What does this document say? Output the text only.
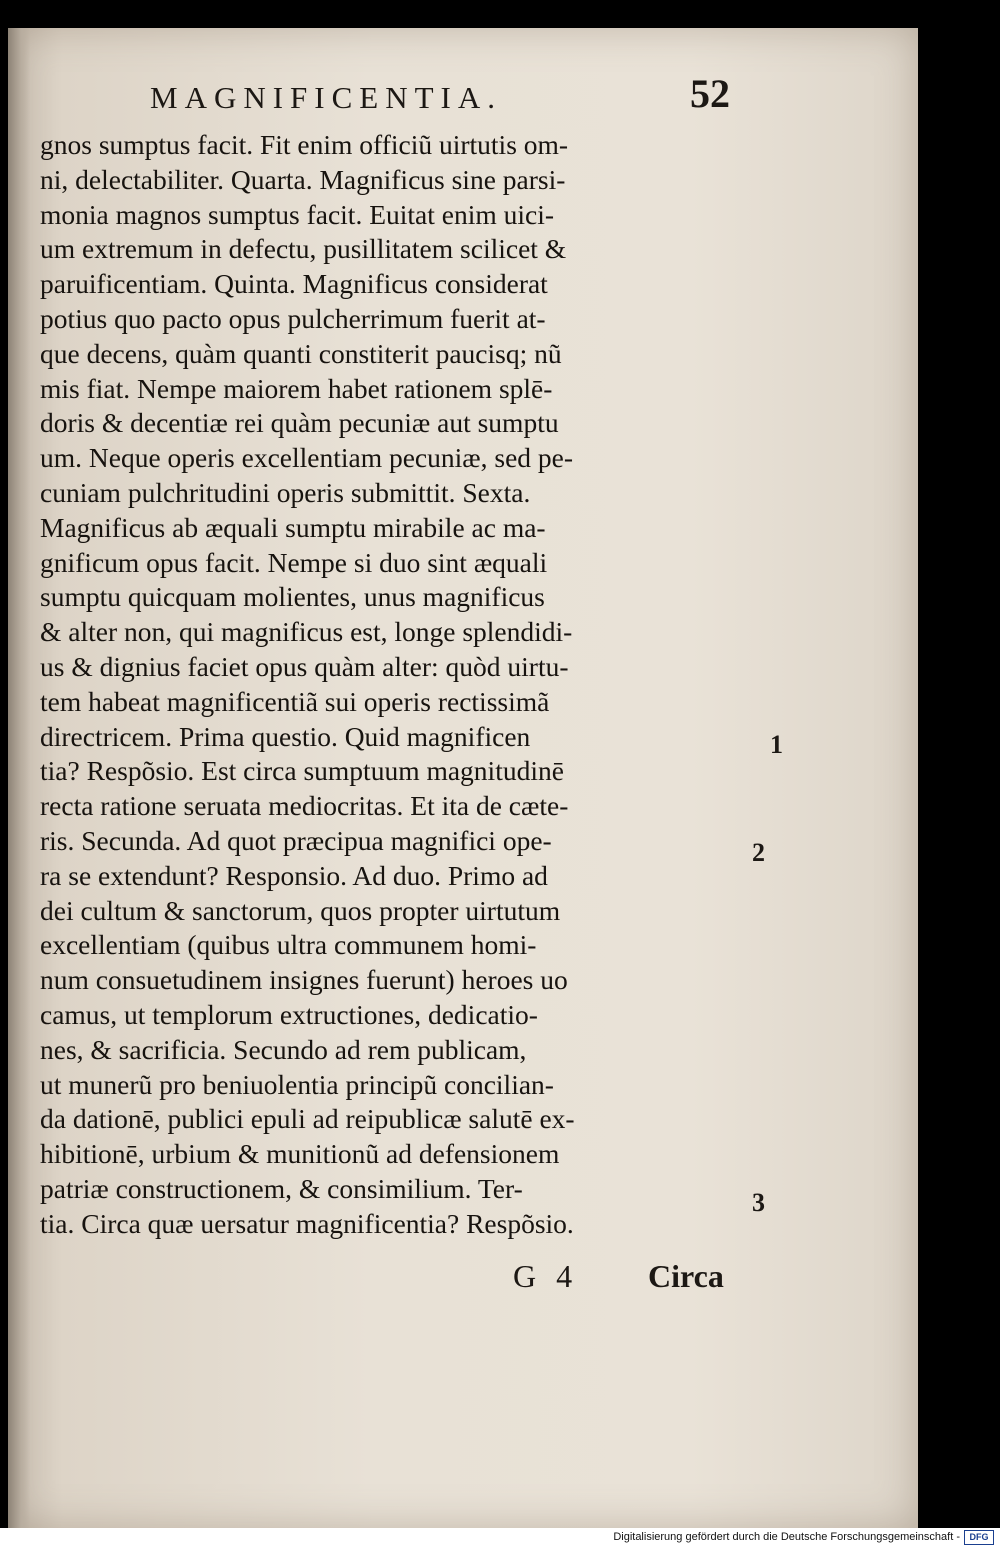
MAGNIFICENTIA.	52
gnos sumptus facit. Fit enim officiũ uirtutis om-
ni, delectabiliter. Quarta. Magnificus sine parsi-
monia magnos sumptus facit. Euitat enim uici-
um extremum in defectu, pusillitatem scilicet &
paruificentiam. Quinta. Magnificus considerat
potius quo pacto opus pulcherrimum fuerit at-
que decens, quàm quanti constiterit paucisq; nũ
mis fiat. Nempe maiorem habet rationem splē-
doris & decentiæ rei quàm pecuniæ aut sumptu
um. Neque operis excellentiam pecuniæ, sed pe-
cuniam pulchritudini operis submittit. Sexta.
Magnificus ab æquali sumptu mirabile ac ma-
gnificum opus facit. Nempe si duo sint æquali
sumptu quicquam molientes, unus magnificus
& alter non, qui magnificus est, longe splendidi-
us & dignius faciet opus quàm alter: quòd uirtu-
tem habeat magnificentiã sui operis rectissimã
directricem. Prima questio. Quid magnificen
tia? Respõsio. Est circa sumptuum magnitudinē
recta ratione seruata mediocritas. Et ita de cæte-
ris. Secunda. Ad quot præcipua magnifici ope-
ra se extendunt? Responsio. Ad duo. Primo ad
dei cultum & sanctorum, quos propter uirtutum
excellentiam (quibus ultra communem homi-
num consuetudinem insignes fuerunt) heroes uo
camus, ut templorum extructiones, dedicatio-
nes, & sacrificia. Secundo ad rem publicam,
ut munerũ pro beniuolentia principũ concilian-
da dationē, publici epuli ad reipublicæ salutē ex-
hibitionē, urbium & munitionũ ad defensionem
patriæ constructionem, & consimilium. Ter-
tia. Circa quæ uersatur magnificentia? Respõsio.
1
2
3
G 4 Circa
Digitalisierung gefördert durch die Deutsche Forschungsgemeinschaft -	DFG
